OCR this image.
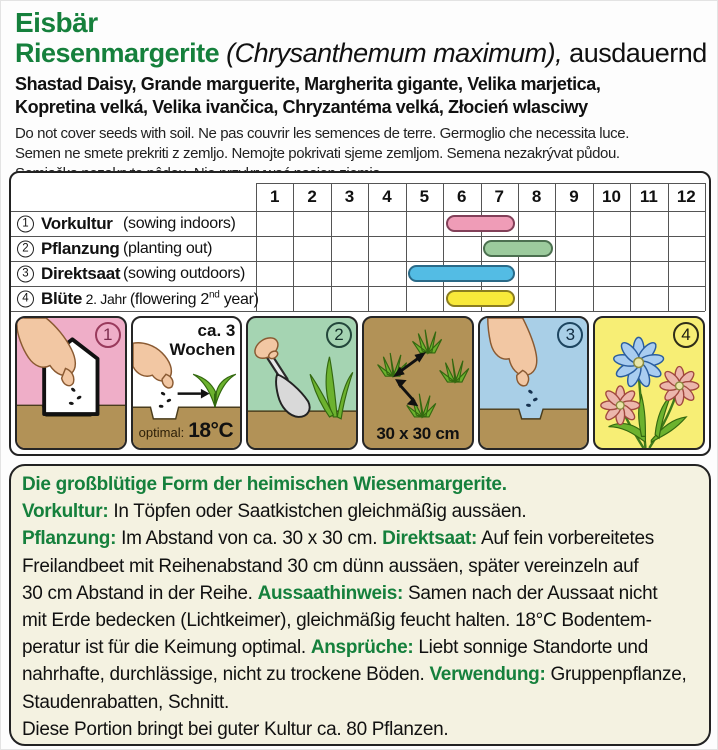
Eisbär
Riesenmargerite (Chrysanthemum maximum), ausdauernd
Shastad Daisy, Grande marguerite, Margherita gigante, Velika marjetica,
Kopretina velká, Velika ivančica, Chryzantéma velká, Złocień wlasciwy
Do not cover seeds with soil. Ne pas couvrir les semences de terre. Germoglio che necessita luce.
Semen ne smete prekriti z zemljo. Nemojte pokrivati sjeme zemljom. Semena nezakrývat půdou.
1	2	3	4	5	6	7	8	9	10	11	12
1 Vorkultur (sowing indoors)
2 Pflanzung (planting out)
3 Direktsaat (sowing outdoors)
4 Blüte 2. Jahr (flowering 2nd year)
1	ca. 3
Wochen
optimal: 18°C
2
30 x 30 cm
3	4
Die großblütige Form der heimischen Wiesenmargerite.
Vorkultur: In Töpfen oder Saatkistchen gleichmäßig aussäen.
Pflanzung: Im Abstand von ca. 30 x 30 cm. Direktsaat: Auf fein vorbereitetes
Freilandbeet mit Reihenabstand 30 cm dünn aussäen, später vereinzeln auf
30 cm Abstand in der Reihe. Aussaathinweis: Samen nach der Aussaat nicht
mit Erde bedecken (Lichtkeimer), gleichmäßig feucht halten. 18°C Bodentem-
peratur ist für die Keimung optimal. Ansprüche: Liebt sonnige Standorte und
nahrhafte, durchlässige, nicht zu trockene Böden. Verwendung: Gruppenpflanze,
Staudenrabatten, Schnitt.
Diese Portion bringt bei guter Kultur ca. 80 Pflanzen.
